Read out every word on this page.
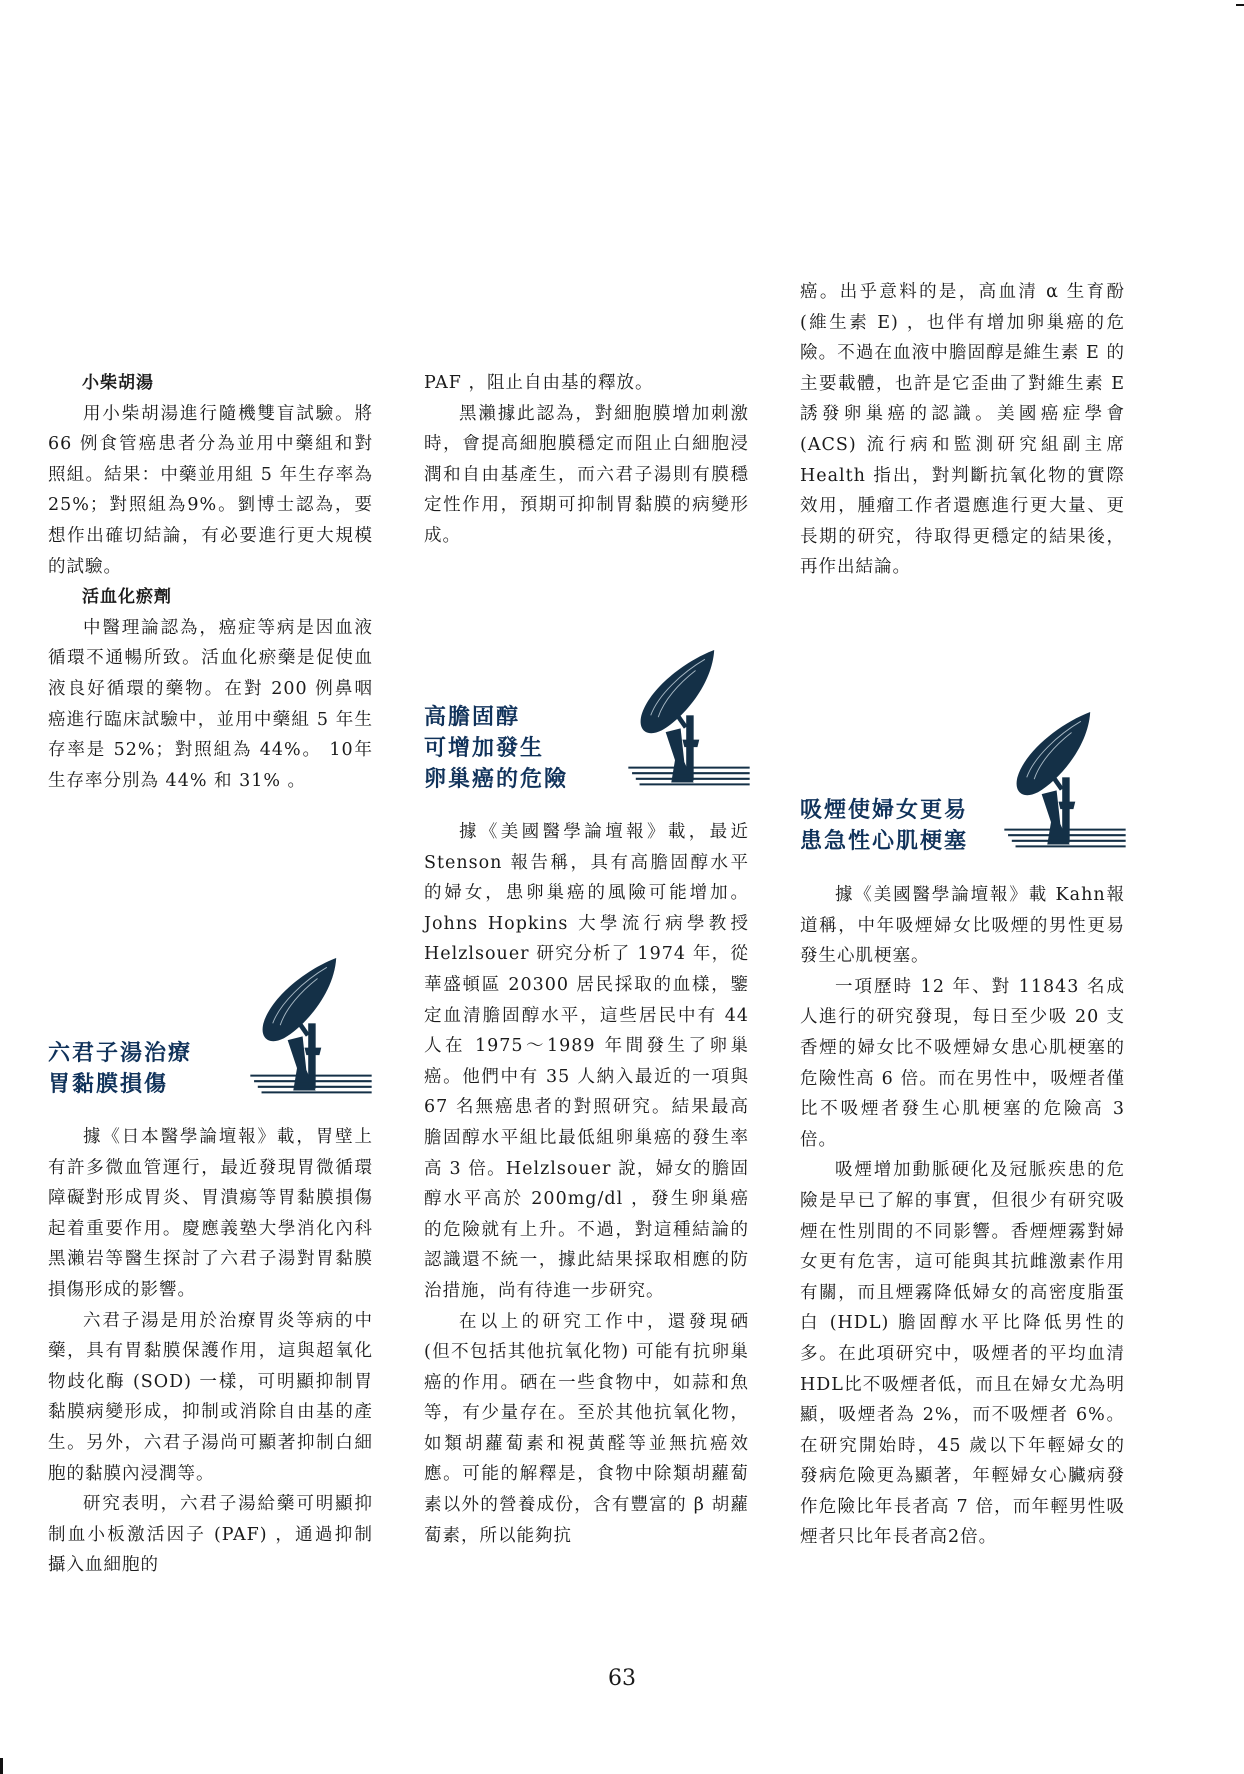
小柴胡湯

用小柴胡湯進行隨機雙盲試驗。將 66 例食管癌患者分為並用中藥組和對照組。結果：中藥並用組 5 年生存率為 25%；對照組為9%。劉博士認為，要想作出確切結論，有必要進行更大規模的試驗。

活血化瘀劑

中醫理論認為，癌症等病是因血液循環不通暢所致。活血化瘀藥是促使血液良好循環的藥物。在對 200 例鼻咽癌進行臨床試驗中，並用中藥組 5 年生存率是 52%；對照組為 44%。 10年生存率分別為 44% 和 31% 。

六君子湯治療
胃黏膜損傷

據《日本醫學論壇報》載，胃壁上有許多微血管運行，最近發現胃微循環障礙對形成胃炎、胃潰瘍等胃黏膜損傷起着重要作用。慶應義塾大學消化內科黑瀨岩等醫生探討了六君子湯對胃黏膜損傷形成的影響。

六君子湯是用於治療胃炎等病的中藥，具有胃黏膜保護作用，這與超氧化物歧化酶 (SOD) 一樣，可明顯抑制胃黏膜病變形成，抑制或消除自由基的產生。另外，六君子湯尚可顯著抑制白細胞的黏膜內浸潤等。

研究表明，六君子湯給藥可明顯抑制血小板激活因子 (PAF) ，通過抑制攝入血細胞的

PAF ，阻止自由基的釋放。

黑瀨據此認為，對細胞膜增加刺激時，會提高細胞膜穩定而阻止白細胞浸潤和自由基產生，而六君子湯則有膜穩定性作用，預期可抑制胃黏膜的病變形成。

高膽固醇
可增加發生
卵巢癌的危險

據《美國醫學論壇報》載，最近 Stenson 報告稱，具有高膽固醇水平的婦女，患卵巢癌的風險可能增加。Johns Hopkins 大學流行病學教授 Helzlsouer 研究分析了 1974 年，從華盛頓區 20300 居民採取的血樣，鑒定血清膽固醇水平，這些居民中有 44 人在 1975～1989 年間發生了卵巢癌。他們中有 35 人納入最近的一項與 67 名無癌患者的對照研究。結果最高膽固醇水平組比最低組卵巢癌的發生率高 3 倍。Helzlsouer 說，婦女的膽固醇水平高於 200mg/dl ，發生卵巢癌的危險就有上升。不過，對這種結論的認識還不統一，據此結果採取相應的防治措施，尚有待進一步研究。

在以上的研究工作中，還發現硒 (但不包括其他抗氧化物) 可能有抗卵巢癌的作用。硒在一些食物中，如蒜和魚等，有少量存在。至於其他抗氧化物，如類胡蘿蔔素和視黃醛等並無抗癌效應。可能的解釋是，食物中除類胡蘿蔔素以外的營養成份，含有豐富的 β 胡蘿蔔素，所以能夠抗

癌。出乎意料的是，高血清 α 生育酚 (維生素 E) ，也伴有增加卵巢癌的危險。不過在血液中膽固醇是維生素 E 的主要載體，也許是它歪曲了對維生素 E 誘發卵巢癌的認識。美國癌症學會 (ACS) 流行病和監測研究組副主席 Health 指出，對判斷抗氧化物的實際效用，腫瘤工作者還應進行更大量、更長期的研究，待取得更穩定的結果後，再作出結論。

吸煙使婦女更易
患急性心肌梗塞

據《美國醫學論壇報》載 Kahn報道稱，中年吸煙婦女比吸煙的男性更易發生心肌梗塞。

一項歷時 12 年、對 11843 名成人進行的研究發現，每日至少吸 20 支香煙的婦女比不吸煙婦女患心肌梗塞的危險性高 6 倍。而在男性中，吸煙者僅比不吸煙者發生心肌梗塞的危險高 3 倍。

吸煙增加動脈硬化及冠脈疾患的危險是早已了解的事實，但很少有研究吸煙在性別間的不同影響。香煙煙霧對婦女更有危害，這可能與其抗雌激素作用有關，而且煙霧降低婦女的高密度脂蛋白 (HDL) 膽固醇水平比降低男性的多。在此項研究中，吸煙者的平均血清HDL比不吸煙者低，而且在婦女尤為明顯，吸煙者為 2%，而不吸煙者 6%。在研究開始時，45 歲以下年輕婦女的發病危險更為顯著，年輕婦女心臟病發作危險比年長者高 7 倍，而年輕男性吸煙者只比年長者高2倍。

63
